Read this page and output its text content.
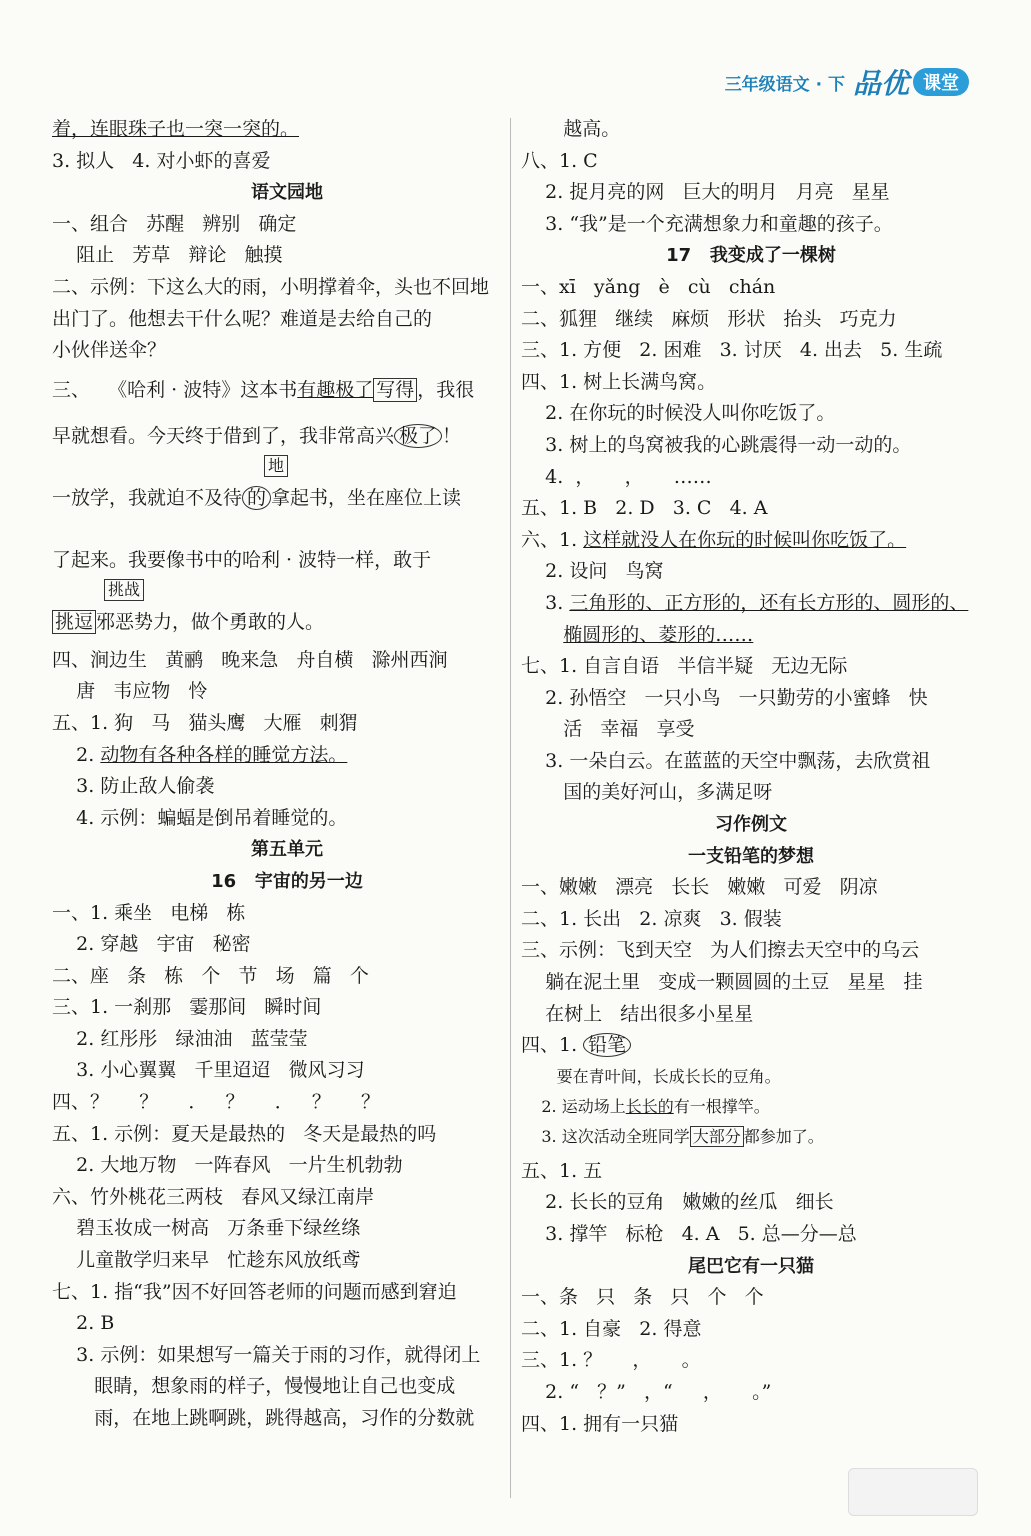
三年级语文 · 下 品优 课堂
着，连眼珠子也一突一突的。
3. 拟人   4. 对小虾的喜爱
语文园地
一、组合   苏醒   辨别   确定
阻止   芳草   辩论   触摸
二、示例：下这么大的雨，小明撑着伞，头也不回地
出门了。他想去干什么呢？难道是去给自己的
小伙伴送伞？
三、   《哈利 · 波特》这本书有趣极了 写得 ，我很
早就想看。今天终于借到了，我非常高兴 极了 ！
地
一放学，我就迫不及待 的 拿起书，坐在座位上读
了起来。我要像书中的哈利 · 波特一样，敢于
挑战
挑逗 邪恶势力，做个勇敢的人。
四、涧边生   黄鹂   晚来急   舟自横   滁州西涧
唐   韦应物   怜
五、1. 狗   马   猫头鹰   大雁   刺猬
2. 动物有各种各样的睡觉方法。
3. 防止敌人偷袭
4. 示例：蝙蝠是倒吊着睡觉的。
第五单元
16   宇宙的另一边
一、1. 乘坐   电梯   栋
2. 穿越   宇宙   秘密
二、座   条   栋   个   节   场   篇   个
三、1. 一刹那   霎那间   瞬时间
2. 红彤彤   绿油油   蓝莹莹
3. 小心翼翼   千里迢迢   微风习习
四、？     ？     ．   ？     ．   ？     ？
五、1. 示例：夏天是最热的   冬天是最热的吗
2. 大地万物   一阵春风   一片生机勃勃
六、竹外桃花三两枝   春风又绿江南岸
碧玉妆成一树高   万条垂下绿丝绦
儿童散学归来早   忙趁东风放纸鸢
七、1. 指“我”因不好回答老师的问题而感到窘迫
2. B
3. 示例：如果想写一篇关于雨的习作，就得闭上
眼睛，想象雨的样子，慢慢地让自己也变成
雨，在地上跳啊跳，跳得越高，习作的分数就
越高。
八、1. C
2. 捉月亮的网   巨大的明月   月亮   星星
3. “我”是一个充满想象力和童趣的孩子。
17   我变成了一棵树
一、xī   yǎng   è   cù   chán
二、狐狸   继续   麻烦   形状   抬头   巧克力
三、1. 方便   2. 困难   3. 讨厌   4. 出去   5. 生疏
四、1. 树上长满鸟窝。
2. 在你玩的时候没人叫你吃饭了。
3. 树上的鸟窝被我的心跳震得一动一动的。
4.  ，     ，     ……
五、1. B   2. D   3. C   4. A
六、1. 这样就没人在你玩的时候叫你吃饭了。
2. 设问   鸟窝
3. 三角形的、正方形的，还有长方形的、圆形的、
椭圆形的、菱形的……
七、1. 自言自语   半信半疑   无边无际
2. 孙悟空   一只小鸟   一只勤劳的小蜜蜂   快
活   幸福   享受
3. 一朵白云。在蓝蓝的天空中飘荡，去欣赏祖
国的美好河山，多满足呀
习作例文
一支铅笔的梦想
一、嫩嫩   漂亮   长长   嫩嫩   可爱   阴凉
二、1. 长出   2. 凉爽   3. 假装
三、示例：飞到天空   为人们擦去天空中的乌云
躺在泥土里   变成一颗圆圆的土豆   星星   挂
在树上   结出很多小星星
四、1. 铅笔
要在青叶间，长成长长的豆角。
2. 运动场上长长的有一根撑竿。
3. 这次活动全班同学 大部分 都参加了。
五、1. 五
2. 长长的豆角   嫩嫩的丝瓜   细长
3. 撑竿   标枪   4. A   5. 总—分—总
尾巴它有一只猫
一、条   只   条   只   个   个
二、1. 自豪   2. 得意
三、1. ？     ，     。
2. “   ？”   ，“     ，     。”
四、1. 拥有一只猫
